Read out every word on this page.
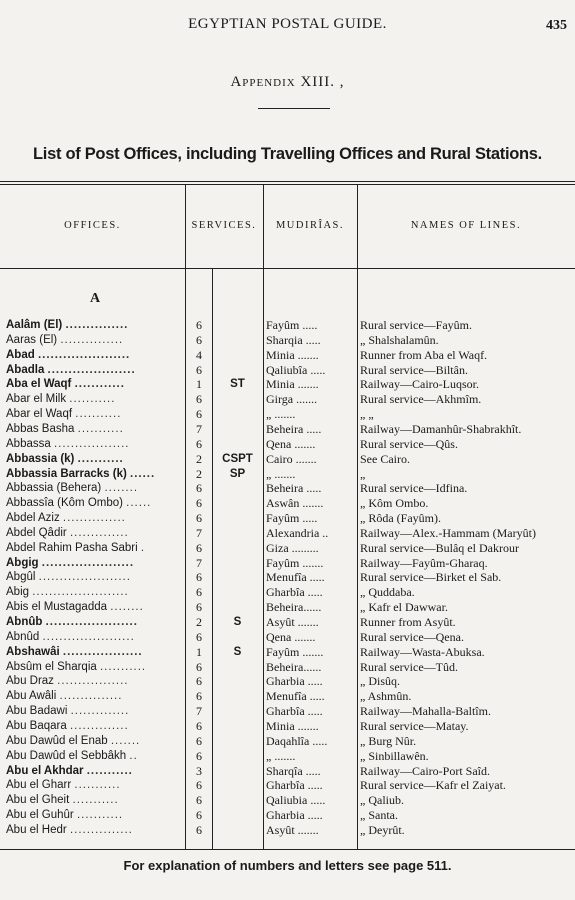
EGYPTIAN POSTAL GUIDE.	435
Appendix XIII. ,
List of Post Offices, including Travelling Offices and Rural Stations.
OFFICES.	SERVICES.	MUDIRÎAS.	NAMES OF LINES.
A
Aalâm (El) ...............	6	Fayûm .....	Rural service—Fayûm.
Aaras (El) ...............	6	Sharqia .....	„ Shalshalamûn.
Abad ......................	4	Minia .......	Runner from Aba el Waqf.
Abadla .....................	6	Qaliubîa .....	Rural service—Biltân.
Aba el Waqf ............	1	ST	Minia .......	Railway—Cairo-Luqsor.
Abar el Milk ...........	6	Girga .......	Rural service—Akhmîm.
Abar el Waqf ...........	6	„ .......	„ „
Abbas Basha ...........	7	Beheira .....	Railway—Damanhûr-Shabrakhît.
Abbassa ..................	6	Qena .......	Rural service—Qûs.
Abbassia (k) ...........	2	CSPT	Cairo .......	See Cairo.
Abbassia Barracks (k) ......	2	SP	„ .......	„
Abbassia (Behera) ........	6	Beheira .....	Rural service—Idfina.
Abbassîa (Kôm Ombo) ......	6	Aswân .......	„ Kôm Ombo.
Abdel Aziz ...............	6	Fayûm .....	„ Rôda (Fayûm).
Abdel Qâdir ..............	7	Alexandria ..	Railway—Alex.-Hammam (Maryût)
Abdel Rahim Pasha Sabri .	6	Giza .........	Rural service—Bulâq el Dakrour
Abgig ......................	7	Fayûm .......	Railway—Fayûm-Gharaq.
Abgûl ......................	6	Menufîa .....	Rural service—Birket el Sab.
Abig .......................	6	Gharbîa .....	„ Quddaba.
Abis el Mustagadda ........	6	Beheira......	„ Kafr el Dawwar.
Abnûb ......................	2	S	Asyût .......	Runner from Asyût.
Abnûd ......................	6	Qena .......	Rural service—Qena.
Abshawâi ...................	1	S	Fayûm .......	Railway—Wasta-Abuksa.
Absûm el Sharqia ...........	6	Beheira......	Rural service—Tûd.
Abu Draz .................	6	Gharbia .....	„ Disûq.
Abu Awâli ...............	6	Menufîa .....	„ Ashmûn.
Abu Badawi ..............	7	Gharbîa .....	Railway—Mahalla-Baltîm.
Abu Baqara ..............	6	Minia .......	Rural service—Matay.
Abu Dawûd el Enab .......	6	Daqahlîa .....	„ Burg Nûr.
Abu Dawûd el Sebbâkh ..	6	„ .......	„ Sinbillawên.
Abu el Akhdar ...........	3	Sharqîa .....	Railway—Cairo-Port Saîd.
Abu el Gharr ...........	6	Gharbîa .....	Rural service—Kafr el Zaiyat.
Abu el Gheit ...........	6	Qaliubia .....	„ Qaliub.
Abu el Guhûr ...........	6	Gharbia .....	„ Santa.
Abu el Hedr ...............	6	Asyût .......	„ Deyrût.
For explanation of numbers and letters see page 511.
